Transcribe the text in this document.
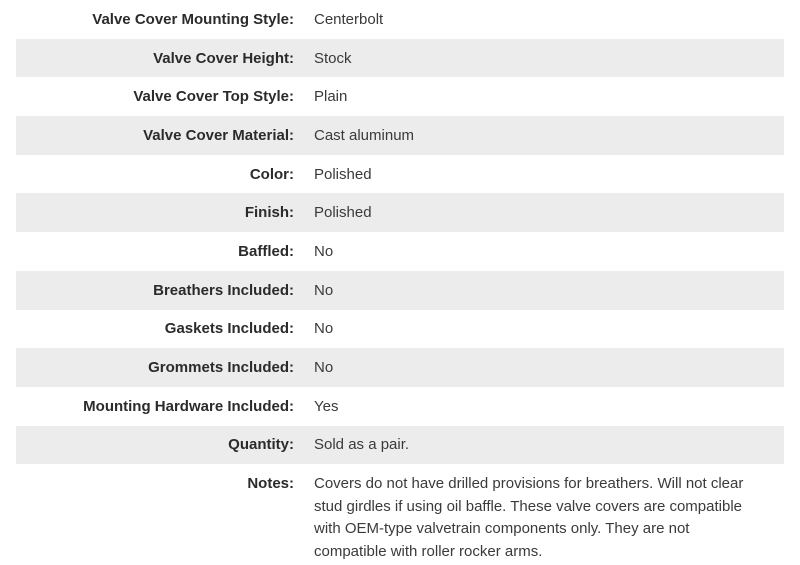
Valve Cover Mounting Style: Centerbolt
Valve Cover Height: Stock
Valve Cover Top Style: Plain
Valve Cover Material: Cast aluminum
Color: Polished
Finish: Polished
Baffled: No
Breathers Included: No
Gaskets Included: No
Grommets Included: No
Mounting Hardware Included: Yes
Quantity: Sold as a pair.
Notes: Covers do not have drilled provisions for breathers. Will not clear stud girdles if using oil baffle. These valve covers are compatible with OEM-type valvetrain components only. They are not compatible with roller rocker arms.
